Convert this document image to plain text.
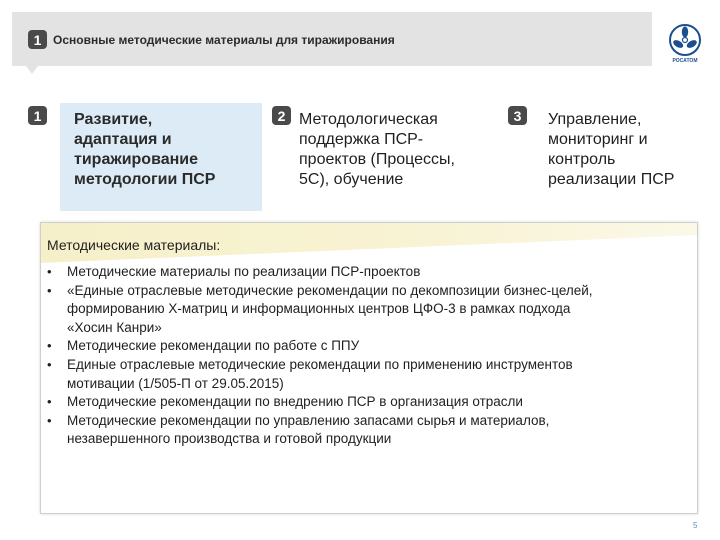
1 Основные методические материалы для тиражирования
РОСАТОМ
1	Развитие,
адаптация и
тиражирование
методологии ПСР
2 Методологическая
поддержка ПСР-
проектов (Процессы,
5С), обучение
3	Управление,
мониторинг и
контроль
реализации ПСР
Методические материалы:
• Методические материалы по реализации ПСР-проектов
• «Единые отраслевые методические рекомендации по декомпозиции бизнес-целей,
формированию Х-матриц и информационных центров ЦФО-3 в рамках подхода
«Хосин Канри»
• Методические рекомендации по работе с ППУ
• Единые отраслевые методические рекомендации по применению инструментов
мотивации (1/505-П от 29.05.2015)
• Методические рекомендации по внедрению ПСР в организация отрасли
• Методические рекомендации по управлению запасами сырья и материалов,
незавершенного производства и готовой продукции
5
